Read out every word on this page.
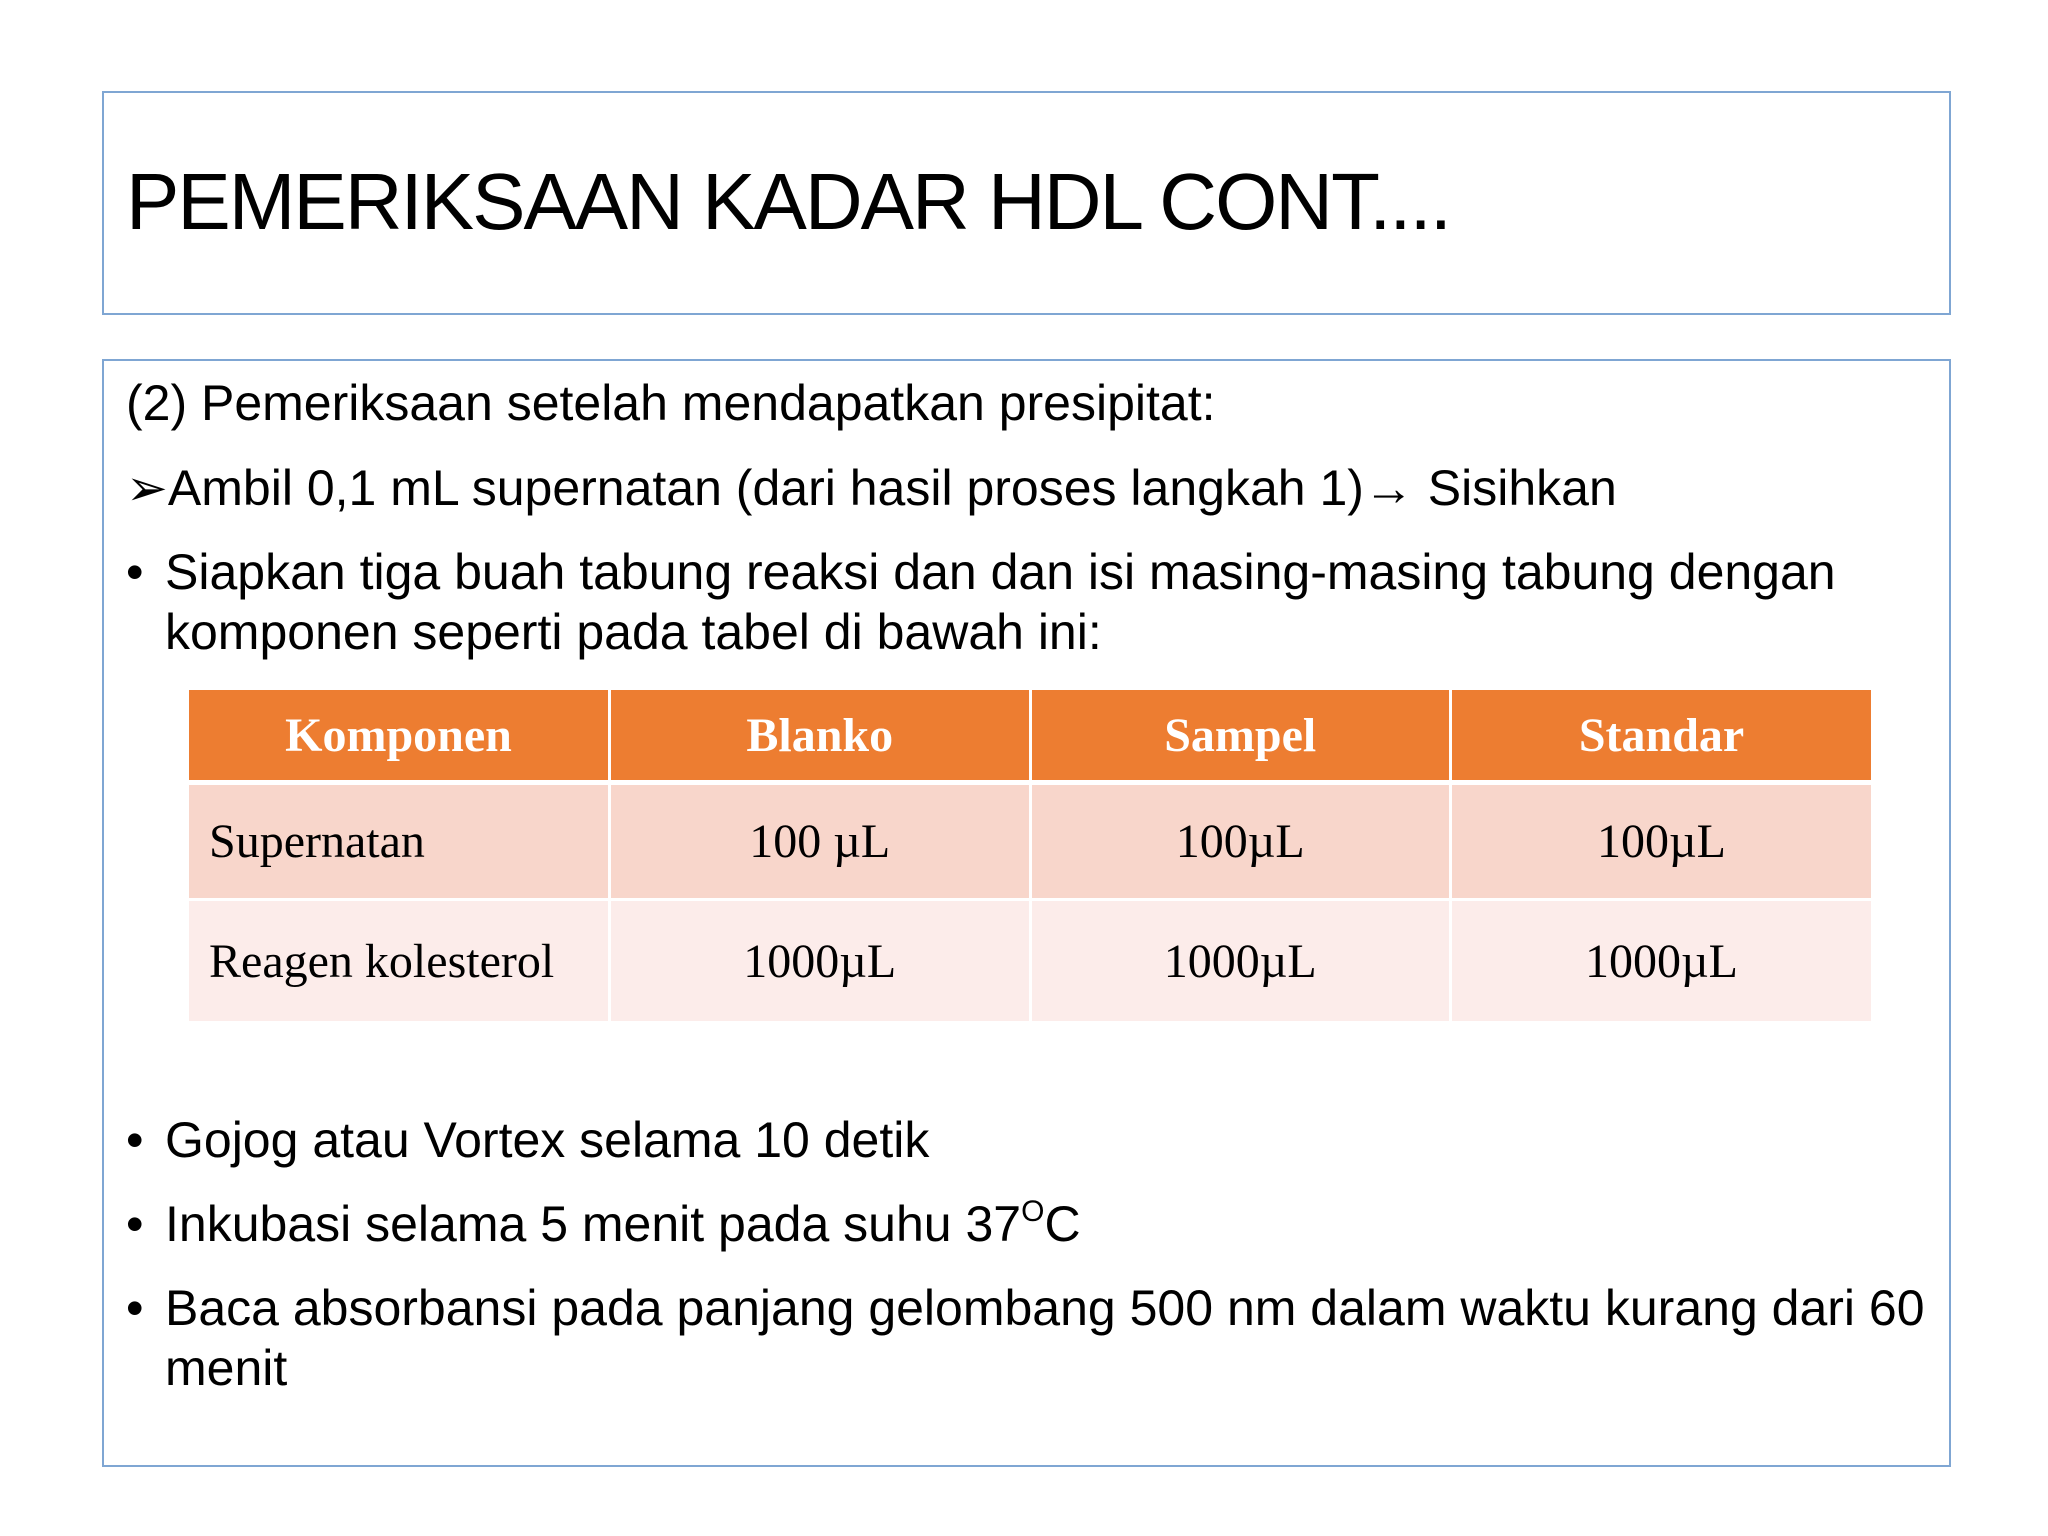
PEMERIKSAAN KADAR HDL CONT....
(2) Pemeriksaan setelah mendapatkan presipitat:
➢Ambil 0,1 mL supernatan (dari hasil proses langkah 1)→ Sisihkan
• Siapkan tiga buah tabung reaksi dan dan isi masing-masing tabung dengan komponen seperti pada tabel di bawah ini:
Komponen	Blanko	Sampel	Standar
Supernatan	100 µL	100µL	100µL
Reagen kolesterol	1000µL	1000µL	1000µL
• Gojog atau Vortex selama 10 detik
• Inkubasi selama 5 menit pada suhu $37^OC$
• Baca absorbansi pada panjang gelombang 500 nm dalam waktu kurang dari 60 menit
